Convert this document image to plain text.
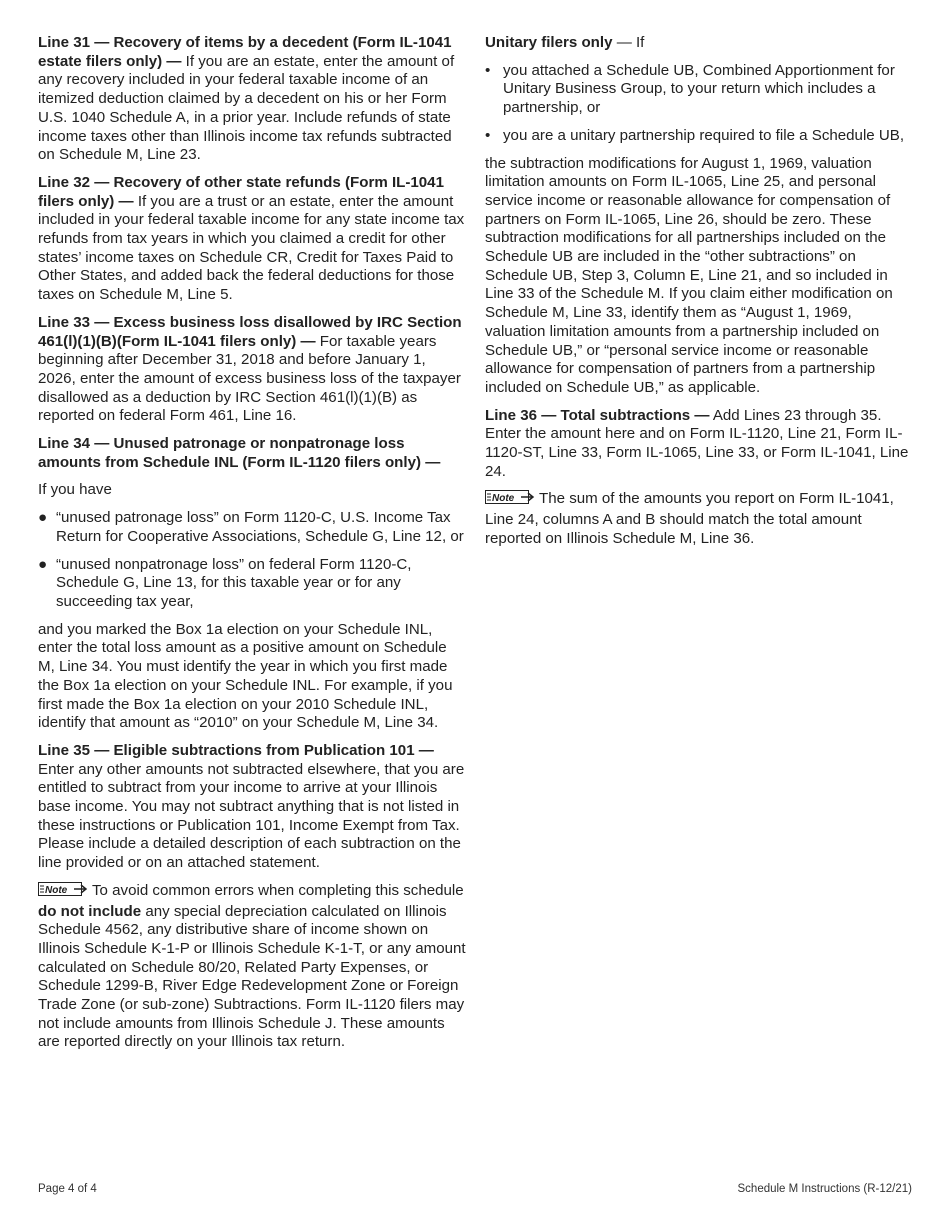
Line 31 — Recovery of items by a decedent (Form IL-1041 estate filers only) — If you are an estate, enter the amount of any recovery included in your federal taxable income of an itemized deduction claimed by a decedent on his or her Form U.S. 1040 Schedule A, in a prior year. Include refunds of state income taxes other than Illinois income tax refunds subtracted on Schedule M, Line 23.

Line 32 — Recovery of other state refunds (Form IL-1041 filers only) — If you are a trust or an estate, enter the amount included in your federal taxable income for any state income tax refunds from tax years in which you claimed a credit for other states’ income taxes on Schedule CR, Credit for Taxes Paid to Other States, and added back the federal deductions for those taxes on Schedule M, Line 5.

Line 33 — Excess business loss disallowed by IRC Section 461(l)(1)(B)(Form IL-1041 filers only) — For taxable years beginning after December 31, 2018 and before January 1, 2026, enter the amount of excess business loss of the taxpayer disallowed as a deduction by IRC Section 461(l)(1)(B) as reported on federal Form 461, Line 16.

Line 34 — Unused patronage or nonpatronage loss amounts from Schedule INL (Form IL-1120 filers only) —

If you have

● “unused patronage loss” on Form 1120-C, U.S. Income Tax Return for Cooperative Associations, Schedule G, Line 12, or
● “unused nonpatronage loss” on federal Form 1120-C, Schedule G, Line 13, for this taxable year or for any succeeding tax year,

and you marked the Box 1a election on your Schedule INL, enter the total loss amount as a positive amount on Schedule M, Line 34. You must identify the year in which you first made the Box 1a election on your Schedule INL. For example, if you first made the Box 1a election on your 2010 Schedule INL, identify that amount as “2010” on your Schedule M, Line 34.

Line 35 — Eligible subtractions from Publication 101 — Enter any other amounts not subtracted elsewhere, that you are entitled to subtract from your income to arrive at your Illinois base income. You may not subtract anything that is not listed in these instructions or Publication 101, Income Exempt from Tax. Please include a detailed description of each subtraction on the line provided or on an attached statement.

Note To avoid common errors when completing this schedule do not include any special depreciation calculated on Illinois Schedule 4562, any distributive share of income shown on Illinois Schedule K-1-P or Illinois Schedule K-1-T, or any amount calculated on Schedule 80/20, Related Party Expenses, or Schedule 1299-B, River Edge Redevelopment Zone or Foreign Trade Zone (or sub-zone) Subtractions. Form IL-1120 filers may not include amounts from Illinois Schedule J. These amounts are reported directly on your Illinois tax return.

Unitary filers only — If

• you attached a Schedule UB, Combined Apportionment for Unitary Business Group, to your return which includes a partnership, or
• you are a unitary partnership required to file a Schedule UB,

the subtraction modifications for August 1, 1969, valuation limitation amounts on Form IL-1065, Line 25, and personal service income or reasonable allowance for compensation of partners on Form IL-1065, Line 26, should be zero. These subtraction modifications for all partnerships included on the Schedule UB are included in the “other subtractions” on Schedule UB, Step 3, Column E, Line 21, and so included in Line 33 of the Schedule M. If you claim either modification on Schedule M, Line 33, identify them as “August 1, 1969, valuation limitation amounts from a partnership included on Schedule UB,” or “personal service income or reasonable allowance for compensation of partners from a partnership included on Schedule UB,” as applicable.

Line 36 — Total subtractions — Add Lines 23 through 35. Enter the amount here and on Form IL-1120, Line 21, Form IL-1120-ST, Line 33, Form IL-1065, Line 33, or Form IL-1041, Line 24.

Note The sum of the amounts you report on Form IL-1041, Line 24, columns A and B should match the total amount reported on Illinois Schedule M, Line 36.

Page 4 of 4	Schedule M Instructions (R-12/21)
